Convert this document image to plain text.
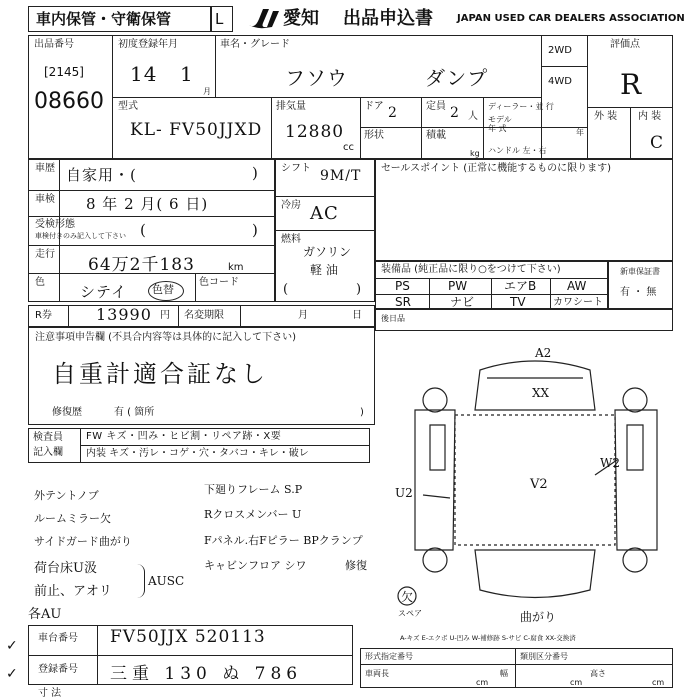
車内保管・守衛保管	L	愛知 出品申込書 JAPAN USED CAR DEALERS ASSOCIATION
出品番号
[2145]
08660
初度登録年月
14 1
月
車名・グレード
フソウ	ダンプ
2WD
4WD
評価点
R
外 装 内 装
C
型式
KL- FV50JJXD
排気量
12880
cc
ドア 2	定員 2 人
ディーラー・並 行
モデル
年 式	年
形状	積載
kg ハンドル 左・右
車歴 自家用・(	)
車検 8 年 2 月( 6 日)
受検形態
車検付きのみ記入して下さい (	)
走行
64万2千183	km
色
シテイ 色替
色コード
シフト 9M/T
冷房 AC
燃料
ガソリン
軽 油
(	)
セールスポイント (正常に機能するものに限ります)
装備品 (純正品に限り○をつけて下さい)
PS	PW	エアB	AW
SR	ナビ	TV	カワシート
新車保証書
有 ・ 無
後日品
R券	13990 円 名変期限	月	日
注意事項申告欄 (不具合内容等は具体的に記入して下さい)
自重計適合証なし
修復歴	有 ( 箇所	)
検査員
記入欄
FW キズ・凹み・ヒビ割・リペア跡・X要
内装 キズ・汚レ・コゲ・穴・タバコ・キレ・破レ
外テントノブ
ルームミラー欠
サイドガード曲がり
荷台床U汲
前止、アオリ
各AU
下廻りフレーム S.P
Rクロスメンバー U
Fパネル.右Fピラー BPクランプ
キャビンフロア シワ	修復
AUSC
A2
XX
W2
U2
V2
欠
スペア	曲がり
A-キズ E-エクボ U-凹み W-補修跡 S-サビ C-腐食 XX-交換済
車台番号 FV50JJX 520113
登録番号 三重 130 ぬ 786
寸 法
形式指定番号	類別区分番号
車両長
cm
幅
cm
高さ
cm
✓
✓
